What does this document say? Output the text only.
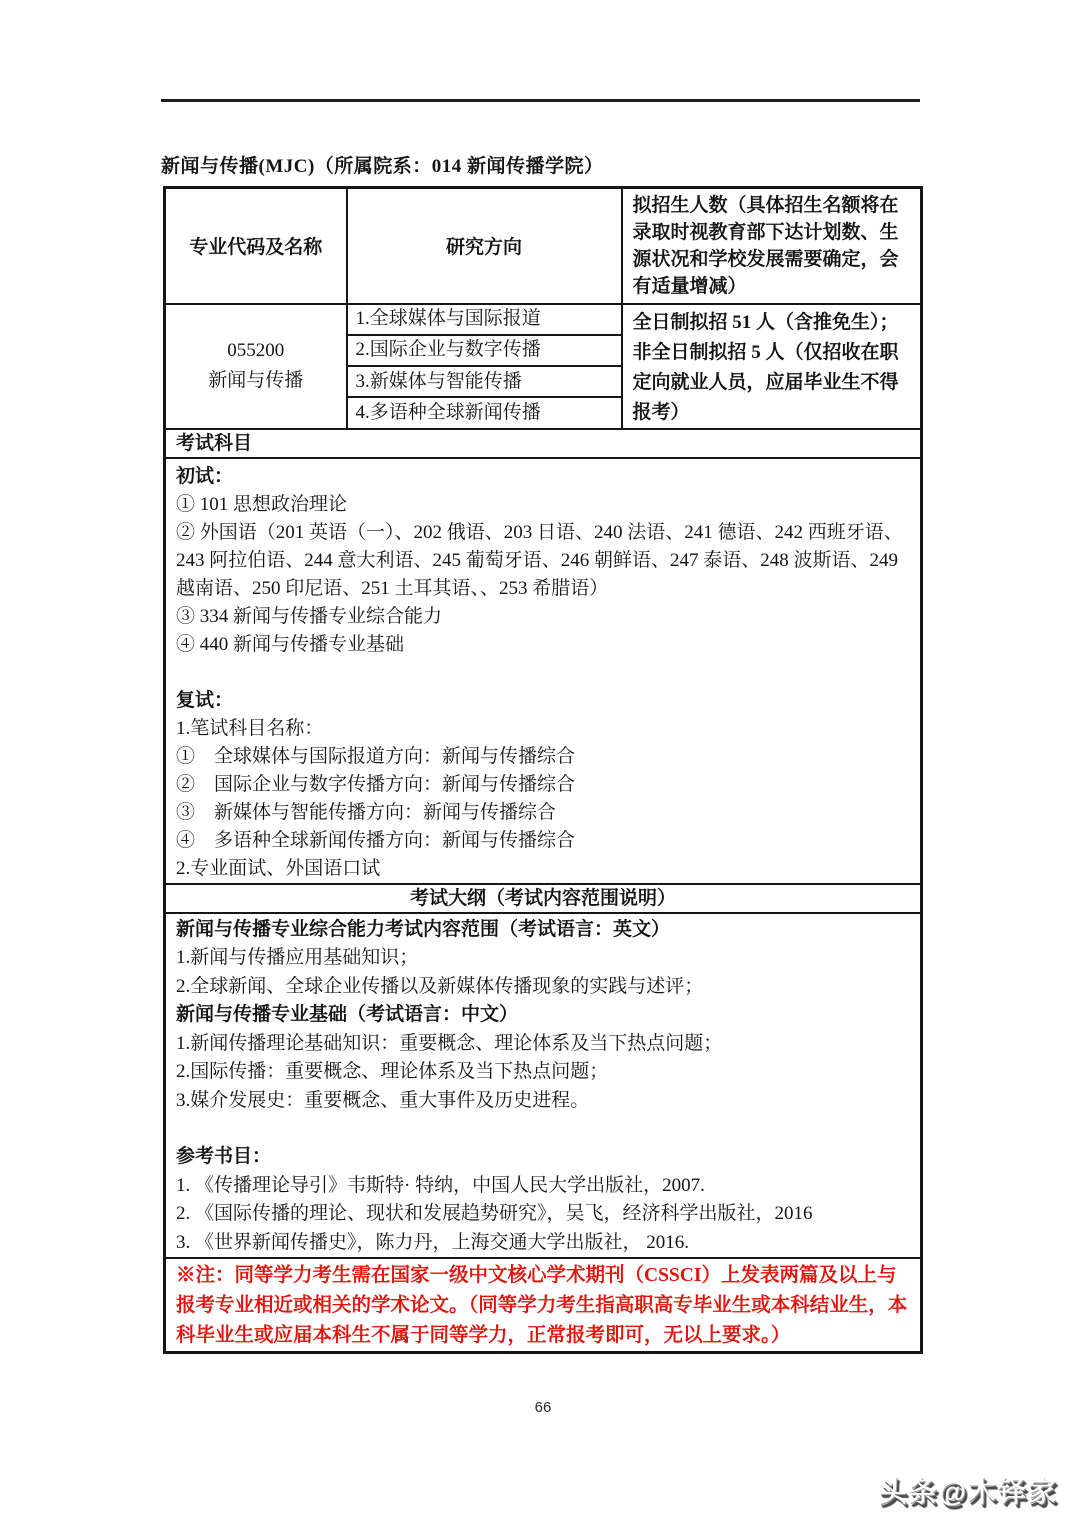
新闻与传播(MJC)（所属院系：014 新闻传播学院）
专业代码及名称	研究方向	拟招生人数（具体招生名额将在录取时视教育部下达计划数、生源状况和学校发展需要确定，会有适量增减）

055200
新闻与传播	1.全球媒体与国际报道	全日制拟招 51 人（含推免生）；非全日制拟招 5 人（仅招收在职定向就业人员，应届毕业生不得报考）
	2.国际企业与数字传播	
	3.新媒体与智能传播	
	4.多语种全球新闻传播	
考试科目		

初试：
① 101 思想政治理论
② 外国语（201 英语（一）、202 俄语、203 日语、240 法语、241 德语、242 西班牙语、243 阿拉伯语、244 意大利语、245 葡萄牙语、246 朝鲜语、247 泰语、248 波斯语、249 越南语、250 印尼语、251 土耳其语、、253 希腊语）
③ 334 新闻与传播专业综合能力
④ 440 新闻与传播专业基础
复试：
1.笔试科目名称：
①　全球媒体与国际报道方向：新闻与传播综合
②　国际企业与数字传播方向：新闻与传播综合
③　新媒体与智能传播方向：新闻与传播综合
④　多语种全球新闻传播方向：新闻与传播综合
2.专业面试、外国语口试

考试大纲（考试内容范围说明）		

新闻与传播专业综合能力考试内容范围（考试语言：英文）
1.新闻与传播应用基础知识；
2.全球新闻、全球企业传播以及新媒体传播现象的实践与述评；
新闻与传播专业基础（考试语言：中文）
1.新闻传播理论基础知识：重要概念、理论体系及当下热点问题；
2.国际传播：重要概念、理论体系及当下热点问题；
3.媒介发展史：重要概念、重大事件及历史进程。
参考书目：
1. 《传播理论导引》韦斯特· 特纳，中国人民大学出版社，2007.
2. 《国际传播的理论、现状和发展趋势研究》，吴飞，经济科学出版社，2016
3. 《世界新闻传播史》，陈力丹，上海交通大学出版社， 2016.

※注：同等学力考生需在国家一级中文核心学术期刊（CSSCI）上发表两篇及以上与报考专业相近或相关的学术论文。（同等学力考生指高职高专毕业生或本科结业生，本科毕业生或应届本科生不属于同等学力，正常报考即可，无以上要求。）		
66
头条@木铎家
